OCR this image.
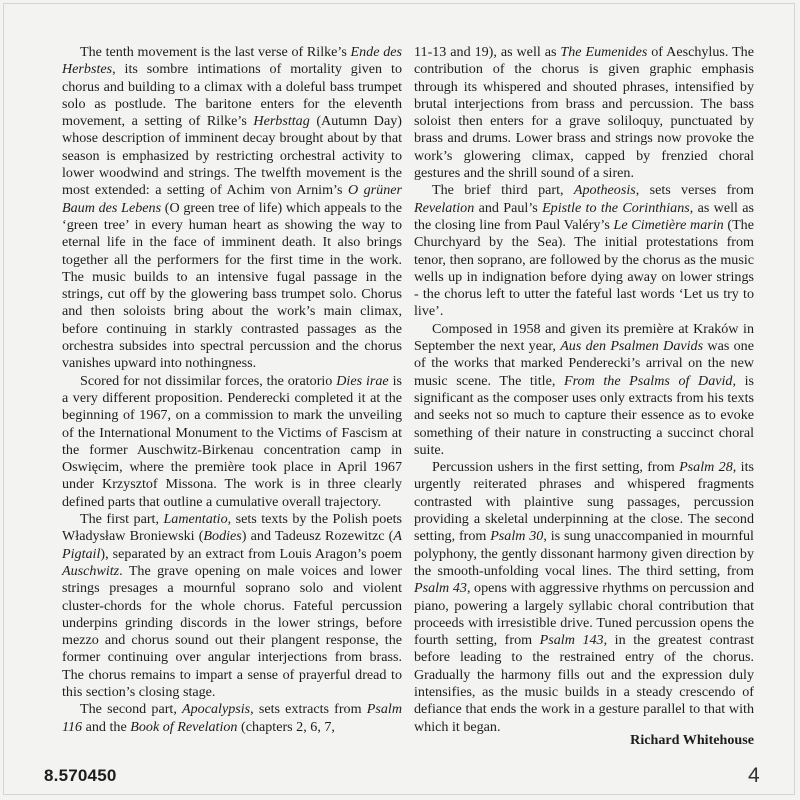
The tenth movement is the last verse of Rilke’s Ende des Herbstes, its sombre intimations of mortality given to chorus and building to a climax with a doleful bass trumpet solo as postlude. The baritone enters for the eleventh movement, a setting of Rilke’s Herbsttag (Autumn Day) whose description of imminent decay brought about by that season is emphasized by restricting orchestral activity to lower woodwind and strings. The twelfth movement is the most extended: a setting of Achim von Arnim’s O grüner Baum des Lebens (O green tree of life) which appeals to the ‘green tree’ in every human heart as showing the way to eternal life in the face of imminent death. It also brings together all the performers for the first time in the work. The music builds to an intensive fugal passage in the strings, cut off by the glowering bass trumpet solo. Chorus and then soloists bring about the work’s main climax, before continuing in starkly contrasted passages as the orchestra subsides into spectral percussion and the chorus vanishes upward into nothingness.

Scored for not dissimilar forces, the oratorio Dies irae is a very different proposition. Penderecki completed it at the beginning of 1967, on a commission to mark the unveiling of the International Monument to the Victims of Fascism at the former Auschwitz-Birkenau concentration camp in Oswięcim, where the première took place in April 1967 under Krzysztof Missona. The work is in three clearly defined parts that outline a cumulative overall trajectory.

The first part, Lamentatio, sets texts by the Polish poets Władysław Broniewski (Bodies) and Tadeusz Rozewitzc (A Pigtail), separated by an extract from Louis Aragon’s poem Auschwitz. The grave opening on male voices and lower strings presages a mournful soprano solo and violent cluster-chords for the whole chorus. Fateful percussion underpins grinding discords in the lower strings, before mezzo and chorus sound out their plangent response, the former continuing over angular interjections from brass. The chorus remains to impart a sense of prayerful dread to this section’s closing stage.

The second part, Apocalypsis, sets extracts from Psalm 116 and the Book of Revelation (chapters 2, 6, 7,

11-13 and 19), as well as The Eumenides of Aeschylus. The contribution of the chorus is given graphic emphasis through its whispered and shouted phrases, intensified by brutal interjections from brass and percussion. The bass soloist then enters for a grave soliloquy, punctuated by brass and drums. Lower brass and strings now provoke the work’s glowering climax, capped by frenzied choral gestures and the shrill sound of a siren.

The brief third part, Apotheosis, sets verses from Revelation and Paul’s Epistle to the Corinthians, as well as the closing line from Paul Valéry’s Le Cimetière marin (The Churchyard by the Sea). The initial protestations from tenor, then soprano, are followed by the chorus as the music wells up in indignation before dying away on lower strings - the chorus left to utter the fateful last words ‘Let us try to live’.

Composed in 1958 and given its première at Kraków in September the next year, Aus den Psalmen Davids was one of the works that marked Penderecki’s arrival on the new music scene. The title, From the Psalms of David, is significant as the composer uses only extracts from his texts and seeks not so much to capture their essence as to evoke something of their nature in constructing a succinct choral suite.

Percussion ushers in the first setting, from Psalm 28, its urgently reiterated phrases and whispered fragments contrasted with plaintive sung passages, percussion providing a skeletal underpinning at the close. The second setting, from Psalm 30, is sung unaccompanied in mournful polyphony, the gently dissonant harmony given direction by the smooth-unfolding vocal lines. The third setting, from Psalm 43, opens with aggressive rhythms on percussion and piano, powering a largely syllabic choral contribution that proceeds with irresistible drive. Tuned percussion opens the fourth setting, from Psalm 143, in the greatest contrast before leading to the restrained entry of the chorus. Gradually the harmony fills out and the expression duly intensifies, as the music builds in a steady crescendo of defiance that ends the work in a gesture parallel to that with which it began.

Richard Whitehouse
8.570450	4
